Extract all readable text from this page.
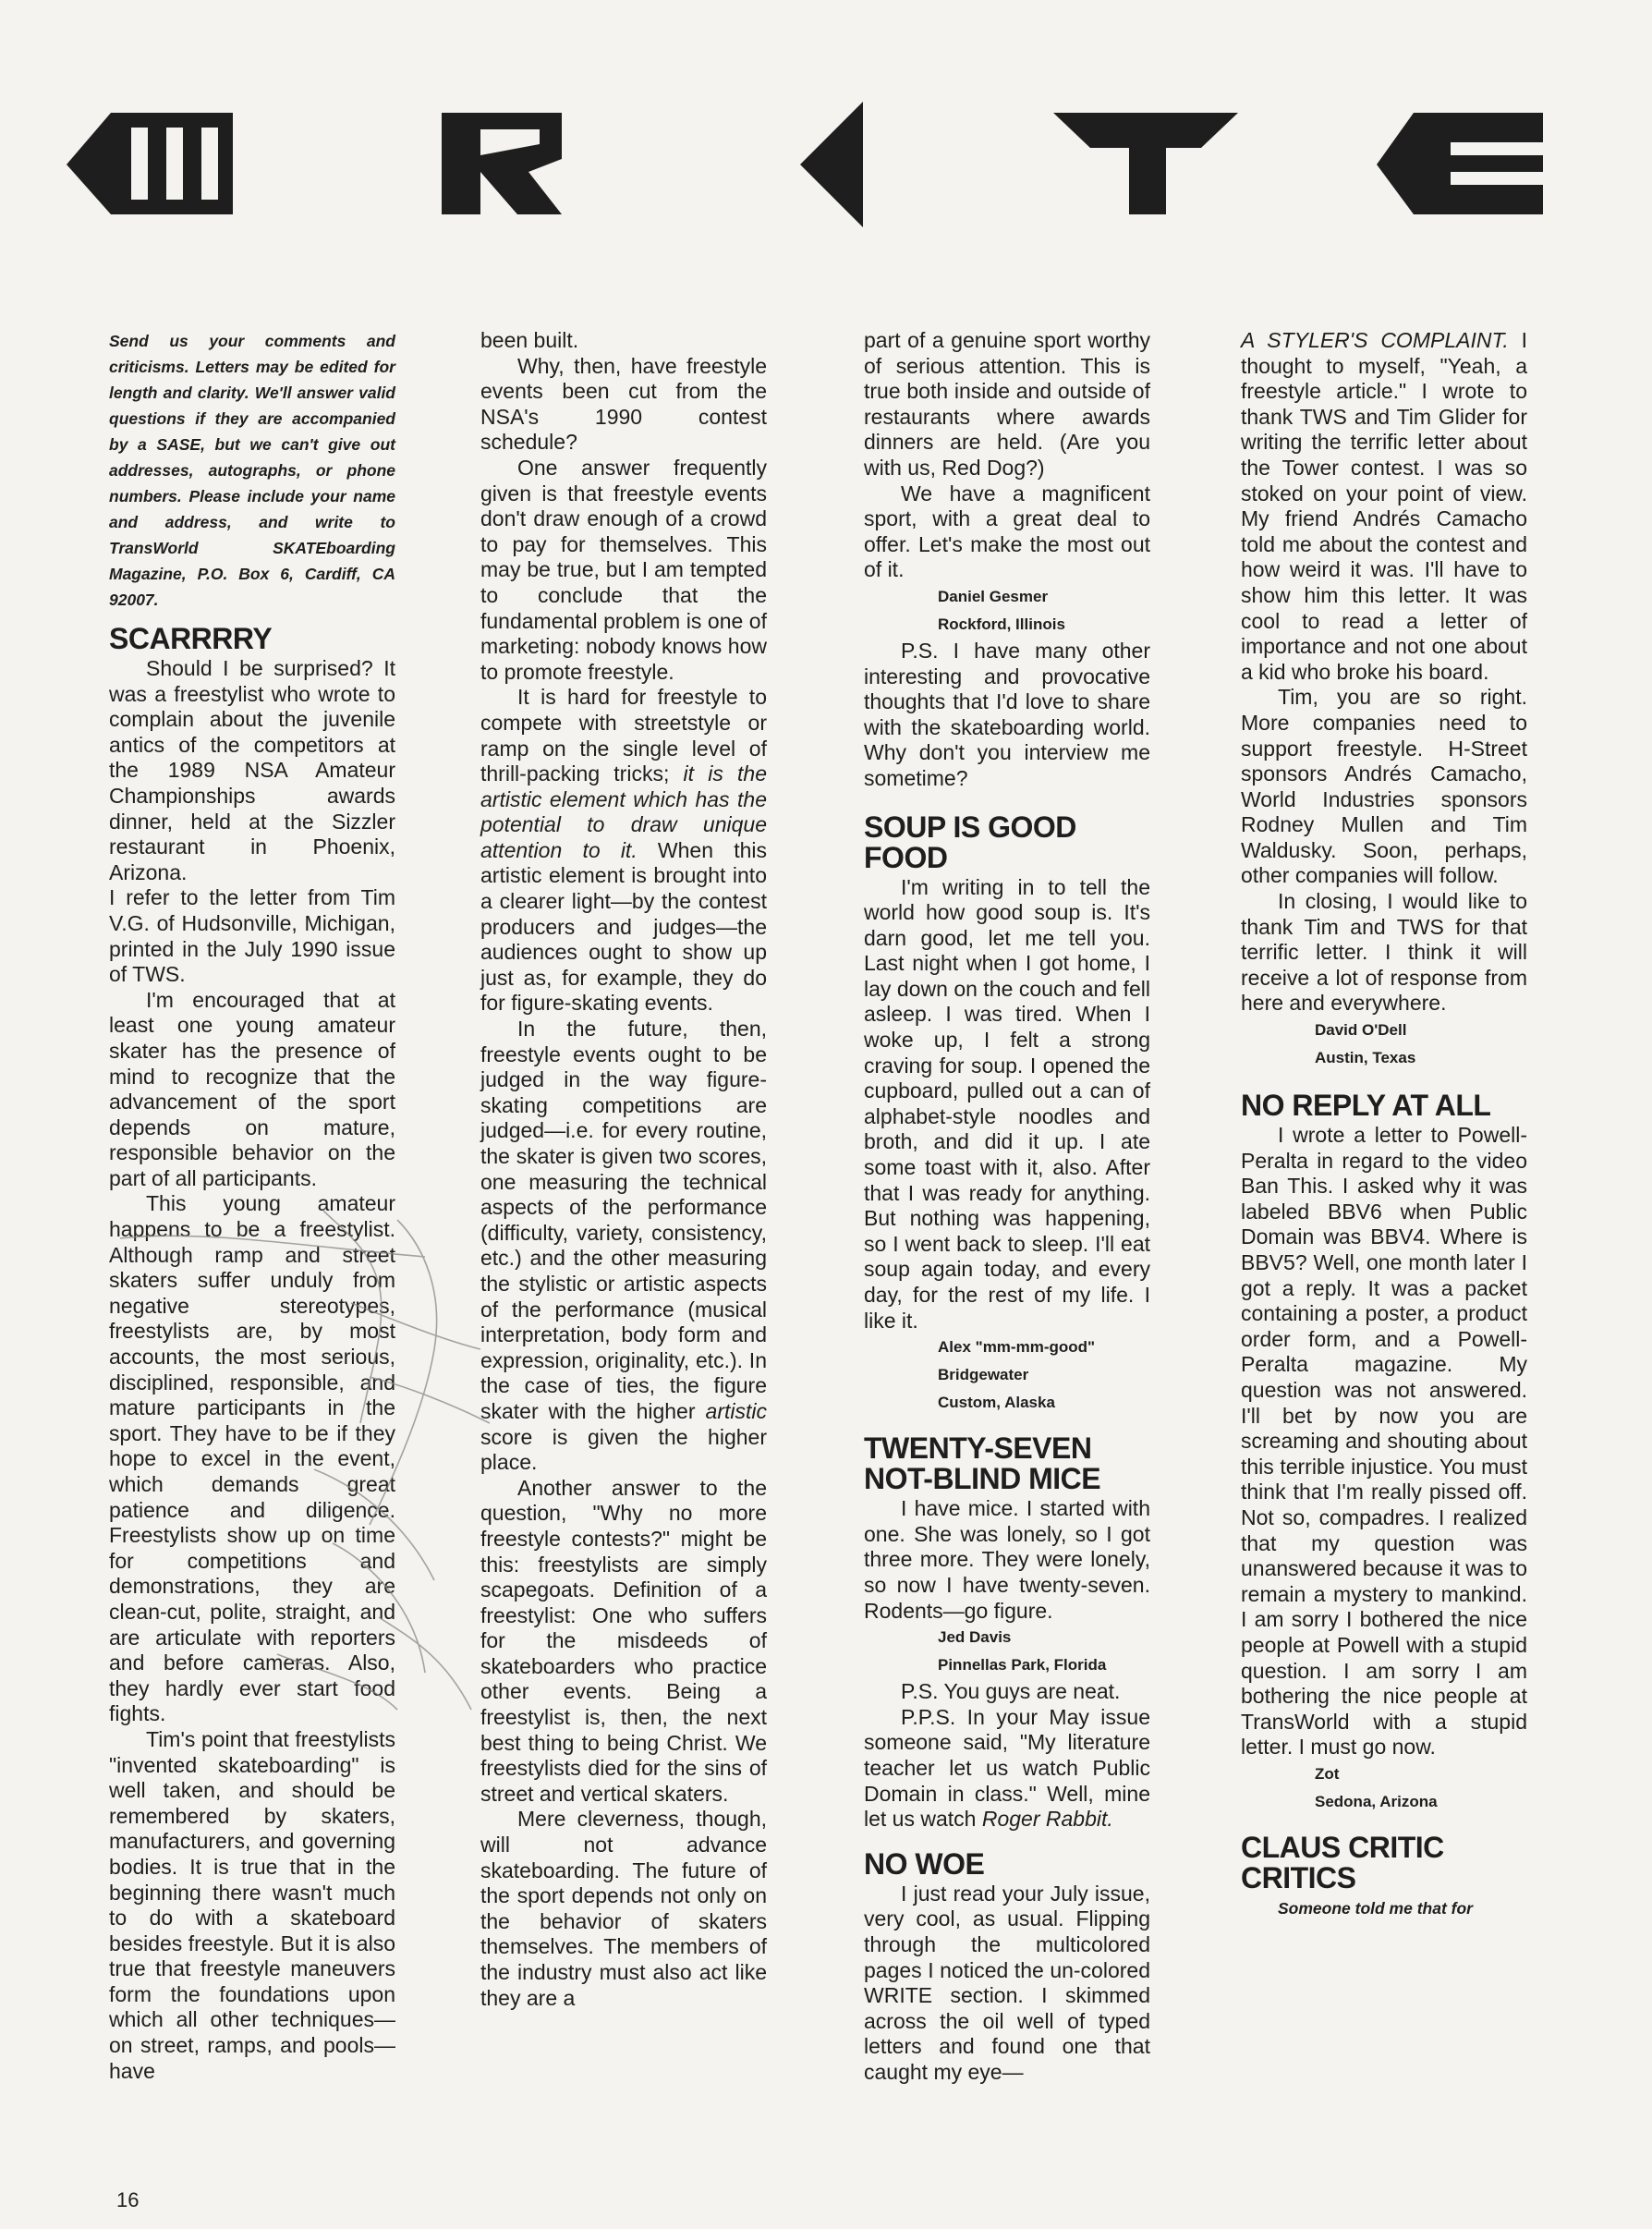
Send us your comments and criticisms. Letters may be edited for length and clarity. We'll answer valid questions if they are accompanied by a SASE, but we can't give out addresses, autographs, or phone numbers. Please include your name and address, and write to TransWorld SKATEboarding Magazine, P.O. Box 6, Cardiff, CA 92007.

SCARRRRY

Should I be surprised? It was a freestylist who wrote to complain about the juvenile antics of the competitors at the 1989 NSA Amateur Championships awards dinner, held at the Sizzler restaurant in Phoenix, Arizona.

I refer to the letter from Tim V.G. of Hudsonville, Michigan, printed in the July 1990 issue of TWS.

I'm encouraged that at least one young amateur skater has the presence of mind to recognize that the advancement of the sport depends on mature, responsible behavior on the part of all participants.

This young amateur happens to be a freestylist. Although ramp and street skaters suffer unduly from negative stereotypes, freestylists are, by most accounts, the most serious, disciplined, responsible, and mature participants in the sport. They have to be if they hope to excel in the event, which demands great patience and diligence. Freestylists show up on time for competitions and demonstrations, they are clean-cut, polite, straight, and are articulate with reporters and before cameras. Also, they hardly ever start food fights.

Tim's point that freestylists "invented skateboarding" is well taken, and should be remembered by skaters, manufacturers, and governing bodies. It is true that in the beginning there wasn't much to do with a skateboard besides freestyle. But it is also true that freestyle maneuvers form the foundations upon which all other techniques—on street, ramps, and pools—have

been built.

Why, then, have freestyle events been cut from the NSA's 1990 contest schedule?

One answer frequently given is that freestyle events don't draw enough of a crowd to pay for themselves. This may be true, but I am tempted to conclude that the fundamental problem is one of marketing: nobody knows how to promote freestyle.

It is hard for freestyle to compete with streetstyle or ramp on the single level of thrill-packing tricks; it is the artistic element which has the potential to draw unique attention to it. When this artistic element is brought into a clearer light—by the contest producers and judges—the audiences ought to show up just as, for example, they do for figure-skating events.

In the future, then, freestyle events ought to be judged in the way figure-skating competitions are judged—i.e. for every routine, the skater is given two scores, one measuring the technical aspects of the performance (difficulty, variety, consistency, etc.) and the other measuring the stylistic or artistic aspects of the performance (musical interpretation, body form and expression, originality, etc.). In the case of ties, the figure skater with the higher artistic score is given the higher place.

Another answer to the question, "Why no more freestyle contests?" might be this: freestylists are simply scapegoats. Definition of a freestylist: One who suffers for the misdeeds of skateboarders who practice other events. Being a freestylist is, then, the next best thing to being Christ. We freestylists died for the sins of street and vertical skaters.

Mere cleverness, though, will not advance skateboarding. The future of the sport depends not only on the behavior of skaters themselves. The members of the industry must also act like they are a

part of a genuine sport worthy of serious attention. This is true both inside and outside of restaurants where awards dinners are held. (Are you with us, Red Dog?)

We have a magnificent sport, with a great deal to offer. Let's make the most out of it.

Daniel Gesmer

Rockford, Illinois

P.S. I have many other interesting and provocative thoughts that I'd love to share with the skateboarding world. Why don't you interview me sometime?

SOUP IS GOOD FOOD

I'm writing in to tell the world how good soup is. It's darn good, let me tell you. Last night when I got home, I lay down on the couch and fell asleep. I was tired. When I woke up, I felt a strong craving for soup. I opened the cupboard, pulled out a can of alphabet-style noodles and broth, and did it up. I ate some toast with it, also. After that I was ready for anything. But nothing was happening, so I went back to sleep. I'll eat soup again today, and every day, for the rest of my life. I like it.

Alex "mm-mm-good"

Bridgewater

Custom, Alaska

TWENTY-SEVEN NOT-BLIND MICE

I have mice. I started with one. She was lonely, so I got three more. They were lonely, so now I have twenty-seven. Rodents—go figure.

Jed Davis

Pinnellas Park, Florida

P.S. You guys are neat.

P.P.S. In your May issue someone said, "My literature teacher let us watch Public Domain in class." Well, mine let us watch Roger Rabbit.

NO WOE

I just read your July issue, very cool, as usual. Flipping through the multicolored pages I noticed the un-colored WRITE section. I skimmed across the oil well of typed letters and found one that caught my eye—

A STYLER'S COMPLAINT. I thought to myself, "Yeah, a freestyle article." I wrote to thank TWS and Tim Glider for writing the terrific letter about the Tower contest. I was so stoked on your point of view. My friend Andrés Camacho told me about the contest and how weird it was. I'll have to show him this letter. It was cool to read a letter of importance and not one about a kid who broke his board.

Tim, you are so right. More companies need to support freestyle. H-Street sponsors Andrés Camacho, World Industries sponsors Rodney Mullen and Tim Waldusky. Soon, perhaps, other companies will follow.

In closing, I would like to thank Tim and TWS for that terrific letter. I think it will receive a lot of response from here and everywhere.

David O'Dell

Austin, Texas

NO REPLY AT ALL

I wrote a letter to Powell-Peralta in regard to the video Ban This. I asked why it was labeled BBV6 when Public Domain was BBV4. Where is BBV5? Well, one month later I got a reply. It was a packet containing a poster, a product order form, and a Powell-Peralta magazine. My question was not answered. I'll bet by now you are screaming and shouting about this terrible injustice. You must think that I'm really pissed off. Not so, compadres. I realized that my question was unanswered because it was to remain a mystery to mankind. I am sorry I bothered the nice people at Powell with a stupid question. I am sorry I am bothering the nice people at TransWorld with a stupid letter. I must go now.

Zot

Sedona, Arizona

CLAUS CRITIC CRITICS

Someone told me that for

16
